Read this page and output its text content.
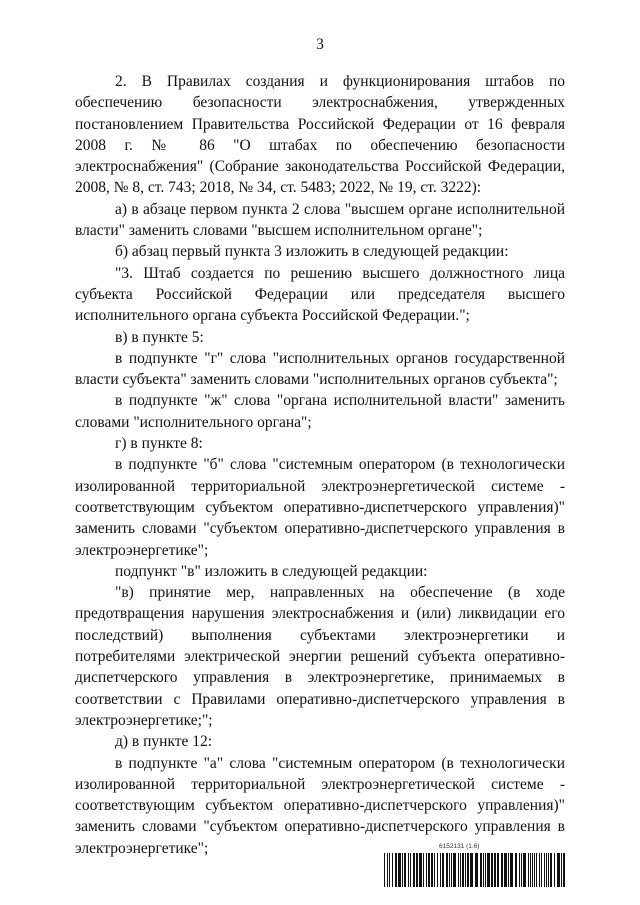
3

2. В Правилах создания и функционирования штабов по обеспечению безопасности электроснабжения, утвержденных постановлением Правительства Российской Федерации от 16 февраля 2008 г. № 86 "О штабах по обеспечению безопасности электроснабжения" (Собрание законодательства Российской Федерации, 2008, № 8, ст. 743; 2018, № 34, ст. 5483; 2022, № 19, ст. 3222):

а) в абзаце первом пункта 2 слова "высшем органе исполнительной власти" заменить словами "высшем исполнительном органе";

б) абзац первый пункта 3 изложить в следующей редакции:

"3. Штаб создается по решению высшего должностного лица субъекта Российской Федерации или председателя высшего исполнительного органа субъекта Российской Федерации.";

в) в пункте 5:

в подпункте "г" слова "исполнительных органов государственной власти субъекта" заменить словами "исполнительных органов субъекта";

в подпункте "ж" слова "органа исполнительной власти" заменить словами "исполнительного органа";

г) в пункте 8:

в подпункте "б" слова "системным оператором (в технологически изолированной территориальной электроэнергетической системе - соответствующим субъектом оперативно-диспетчерского управления)" заменить словами "субъектом оперативно-диспетчерского управления в электроэнергетике";

подпункт "в" изложить в следующей редакции:

"в) принятие мер, направленных на обеспечение (в ходе предотвращения нарушения электроснабжения и (или) ликвидации его последствий) выполнения субъектами электроэнергетики и потребителями электрической энергии решений субъекта оперативно-диспетчерского управления в электроэнергетике, принимаемых в соответствии с Правилами оперативно-диспетчерского управления в электроэнергетике;";

д) в пункте 12:

в подпункте "а" слова "системным оператором (в технологически изолированной территориальной электроэнергетической системе - соответствующим субъектом оперативно-диспетчерского управления)" заменить словами "субъектом оперативно-диспетчерского управления в электроэнергетике";	6152131 (1.6)
